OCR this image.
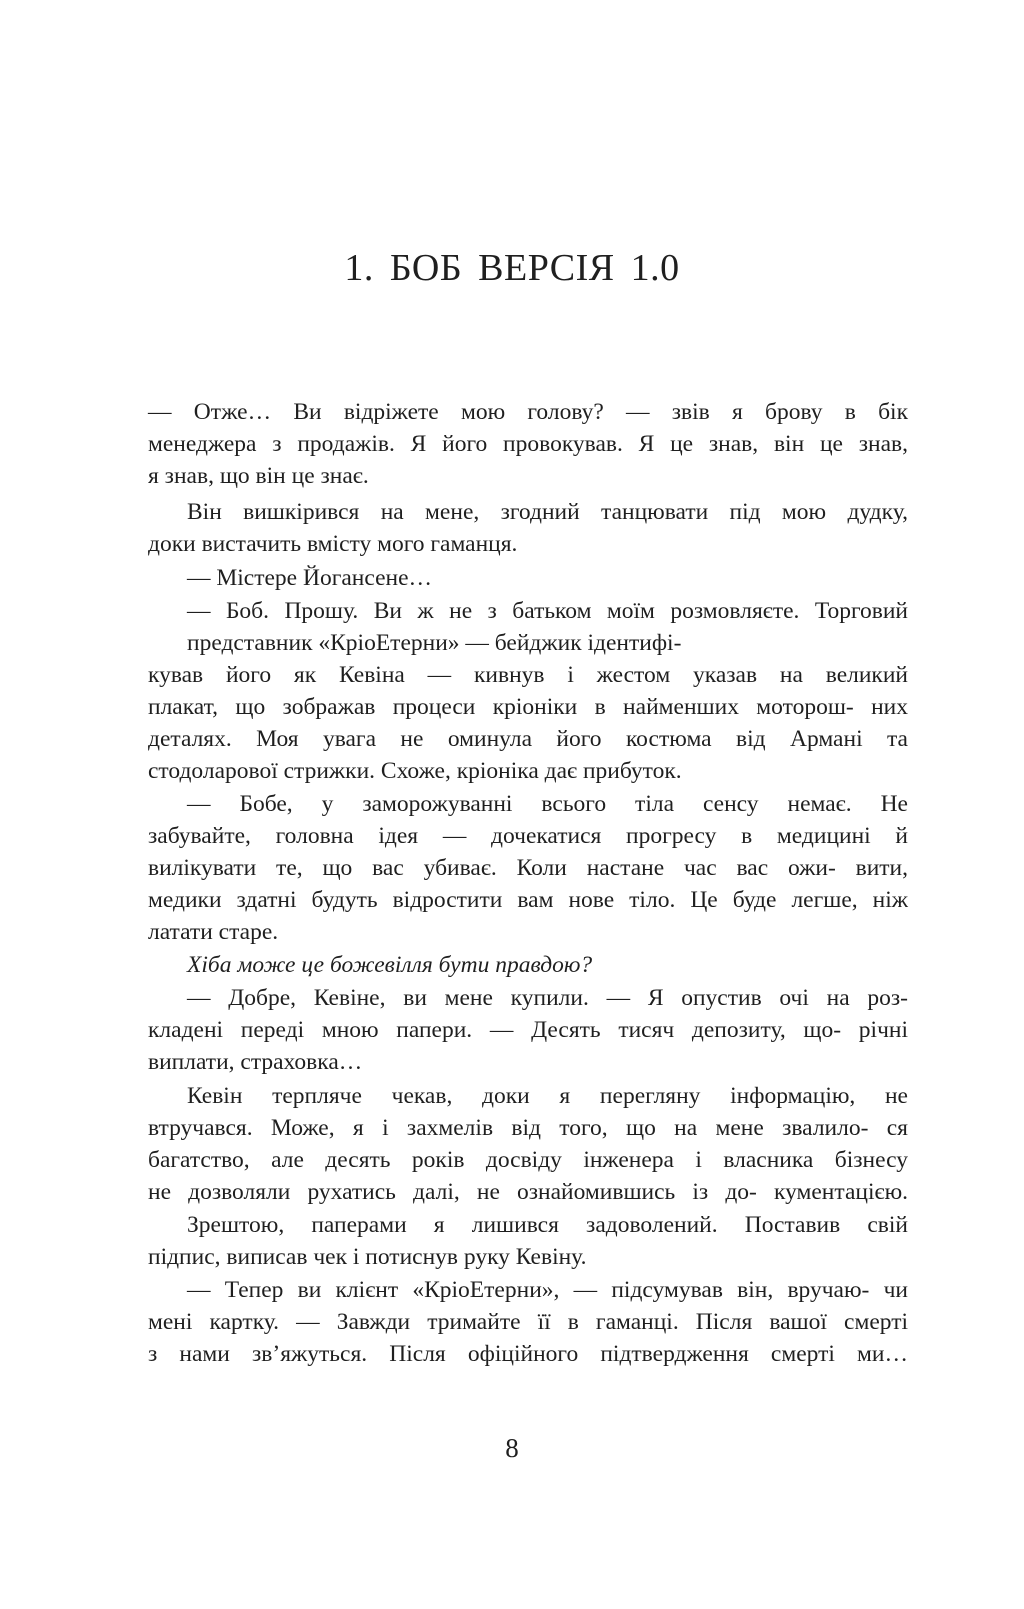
1. БОБ ВЕРСІЯ 1.0
— Отже… Ви відріжете мою голову? — звів я брову в бік
менеджера з продажів. Я його провокував. Я це знав, він це знав,
я знав, що він це знає.
Він вишкірився на мене, згодний танцювати під мою дудку,
доки вистачить вмісту мого гаманця.
— Містере Йогансене…
— Боб. Прошу. Ви ж не з батьком моїм розмовляєте. Торговий
представник «КріоЕтерни» — бейджик ідентифі-
кував його як Кевіна — кивнув і жестом указав на великий
плакат, що зображав процеси кріоніки в найменших моторош- них
деталях. Моя увага не оминула його костюма від Армані та
стодоларової стрижки. Схоже, кріоніка дає прибуток.
— Бобе, у заморожуванні всього тіла сенсу немає. Не
забувайте, головна ідея — дочекатися прогресу в медицині й
вилікувати те, що вас убиває. Коли настане час вас ожи- вити,
медики здатні будуть відростити вам нове тіло. Це буде легше, ніж
латати старе.
Хіба може це божевілля бути правдою?
— Добре, Кевіне, ви мене купили. — Я опустив очі на роз-
кладені переді мною папери. — Десять тисяч депозиту, що- річні
виплати, страховка…
Кевін терпляче чекав, доки я перегляну інформацію, не
втручався. Може, я і захмелів від того, що на мене звалило- ся
багатство, але десять років досвіду інженера і власника бізнесу
не дозволяли рухатись далі, не ознайомившись із до- кументацією.
Зрештою, паперами я лишився задоволений. Поставив свій
підпис, виписав чек і потиснув руку Кевіну.
— Тепер ви клієнт «КріоЕтерни», — підсумував він, вручаю- чи
мені картку. — Завжди тримайте її в гаманці. Після вашої смерті
з нами зв’яжуться. Після офіційного підтвердження смерті ми…
8
